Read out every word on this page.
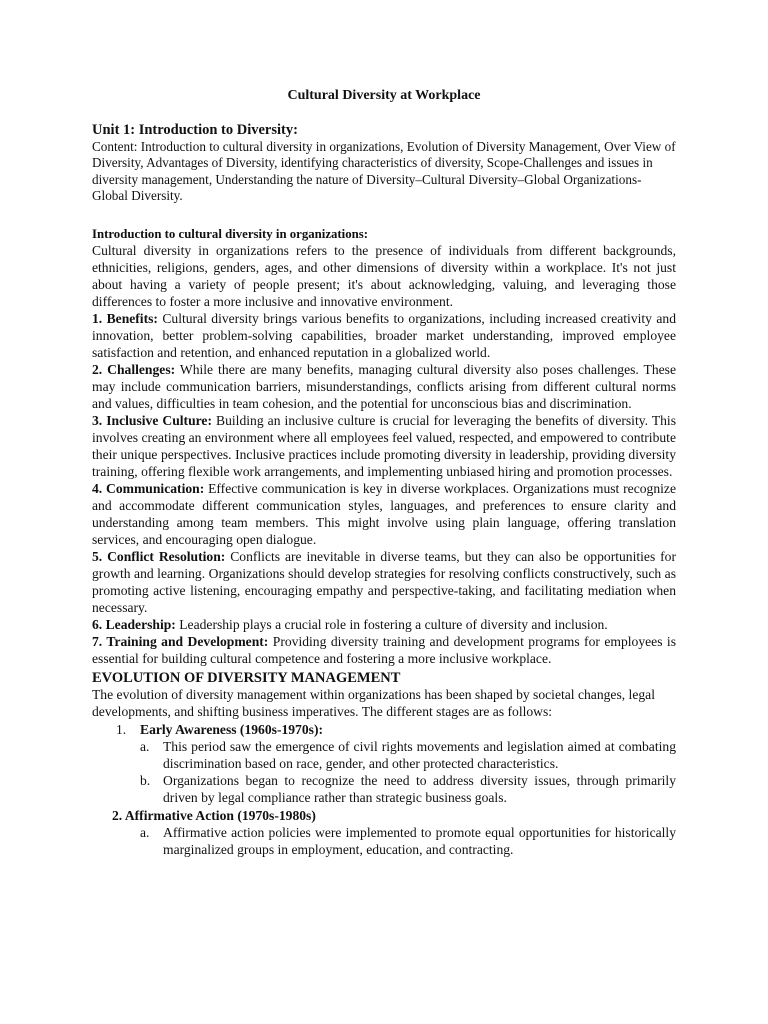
Cultural Diversity at Workplace
Unit 1: Introduction to Diversity:
Content: Introduction to cultural diversity in organizations, Evolution of Diversity Management, Over View of Diversity, Advantages of Diversity, identifying characteristics of diversity, Scope-Challenges and issues in diversity management, Understanding the nature of Diversity–Cultural Diversity–Global Organizations-Global Diversity.
Introduction to cultural diversity in organizations:
Cultural diversity in organizations refers to the presence of individuals from different backgrounds, ethnicities, religions, genders, ages, and other dimensions of diversity within a workplace. It's not just about having a variety of people present; it's about acknowledging, valuing, and leveraging those differences to foster a more inclusive and innovative environment.
1. Benefits: Cultural diversity brings various benefits to organizations, including increased creativity and innovation, better problem-solving capabilities, broader market understanding, improved employee satisfaction and retention, and enhanced reputation in a globalized world.
2. Challenges: While there are many benefits, managing cultural diversity also poses challenges. These may include communication barriers, misunderstandings, conflicts arising from different cultural norms and values, difficulties in team cohesion, and the potential for unconscious bias and discrimination.
3. Inclusive Culture: Building an inclusive culture is crucial for leveraging the benefits of diversity. This involves creating an environment where all employees feel valued, respected, and empowered to contribute their unique perspectives. Inclusive practices include promoting diversity in leadership, providing diversity training, offering flexible work arrangements, and implementing unbiased hiring and promotion processes.
4. Communication: Effective communication is key in diverse workplaces. Organizations must recognize and accommodate different communication styles, languages, and preferences to ensure clarity and understanding among team members. This might involve using plain language, offering translation services, and encouraging open dialogue.
5. Conflict Resolution: Conflicts are inevitable in diverse teams, but they can also be opportunities for growth and learning. Organizations should develop strategies for resolving conflicts constructively, such as promoting active listening, encouraging empathy and perspective-taking, and facilitating mediation when necessary.
6. Leadership: Leadership plays a crucial role in fostering a culture of diversity and inclusion.
7. Training and Development: Providing diversity training and development programs for employees is essential for building cultural competence and fostering a more inclusive workplace.
EVOLUTION OF DIVERSITY MANAGEMENT
The evolution of diversity management within organizations has been shaped by societal changes, legal developments, and shifting business imperatives. The different stages are as follows:
1. Early Awareness (1960s-1970s):
a. This period saw the emergence of civil rights movements and legislation aimed at combating discrimination based on race, gender, and other protected characteristics.
b. Organizations began to recognize the need to address diversity issues, through primarily driven by legal compliance rather than strategic business goals.
2. Affirmative Action (1970s-1980s)
a. Affirmative action policies were implemented to promote equal opportunities for historically marginalized groups in employment, education, and contracting.
